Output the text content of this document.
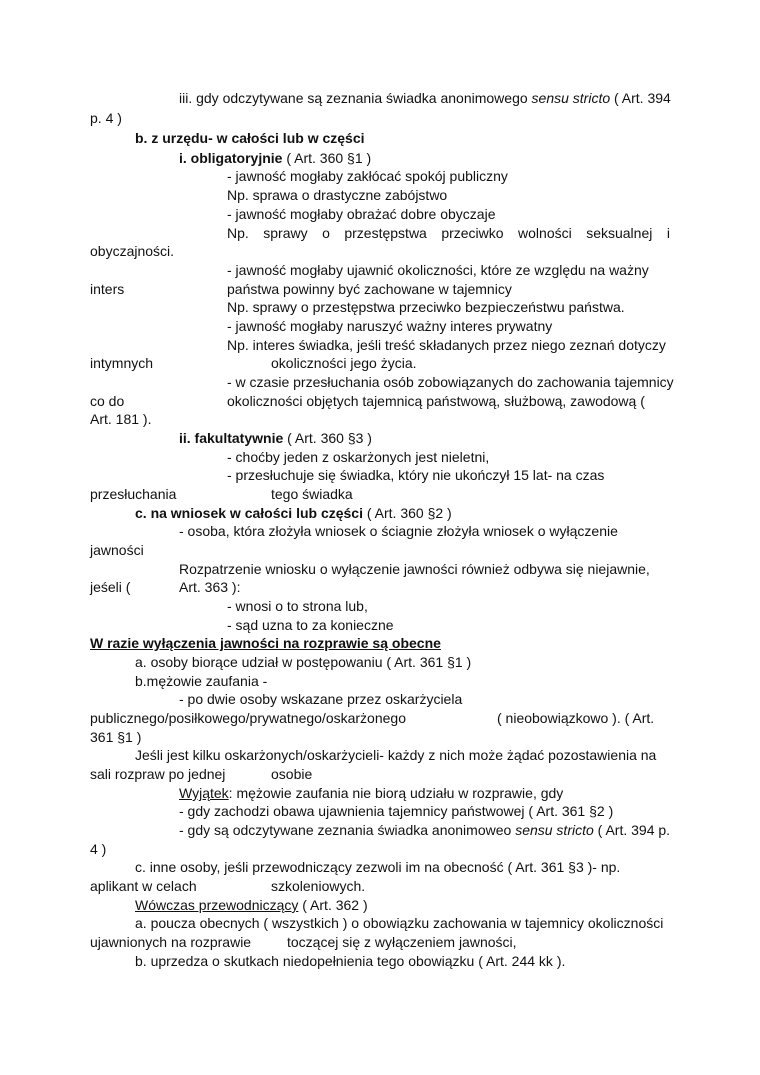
iii. gdy odczytywane są zeznania świadka anonimowego sensu stricto ( Art. 394
p. 4 )
b. z urzędu- w całości lub w części
i. obligatoryjnie ( Art. 360 §1 )
- jawność mogłaby zakłócać spokój publiczny
Np. sprawa o drastyczne zabójstwo
- jawność mogłaby obrażać dobre obyczaje
Np. sprawy o przestępstwa przeciwko wolności seksualnej i
obyczajności.
- jawność mogłaby ujawnić okoliczności, które ze względu na ważny
inters	państwa powinny być zachowane w tajemnicy
Np. sprawy o przestępstwa przeciwko bezpieczeństwu państwa.
- jawność mogłaby naruszyć ważny interes prywatny
Np. interes świadka, jeśli treść składanych przez niego zeznań dotyczy
intymnych	okoliczności jego życia.
- w czasie przesłuchania osób zobowiązanych do zachowania tajemnicy
co do	okoliczności objętych tajemnicą państwową, służbową, zawodową (
Art. 181 ).
ii. fakultatywnie ( Art. 360 §3 )
- choćby jeden z oskarżonych jest nieletni,
- przesłuchuje się świadka, który nie ukończył 15 lat- na czas
przesłuchania	tego świadka
c. na wniosek w całości lub części ( Art. 360 §2 )
- osoba, która złożyła wniosek o ściagnie złożyła wniosek o wyłączenie
jawności
Rozpatrzenie wniosku o wyłączenie jawności również odbywa się niejawnie,
jeśeli (	Art. 363 ):
- wnosi o to strona lub,
- sąd uzna to za konieczne
W razie wyłączenia jawności na rozprawie są obecne
a. osoby biorące udział w postępowaniu ( Art. 361 §1 )
b.mężowie zaufania -
- po dwie osoby wskazane przez oskarżyciela
publicznego/posiłkowego/prywatnego/oskarżonego	( nieobowiązkowo ). ( Art.
361 §1 )
Jeśli jest kilku oskarżonych/oskarżycieli- każdy z nich może żądać pozostawienia na
sali rozpraw po jednej	osobie
Wyjątek: mężowie zaufania nie biorą udziału w rozprawie, gdy
- gdy zachodzi obawa ujawnienia tajemnicy państwowej ( Art. 361 §2 )
- gdy są odczytywane zeznania świadka anonimoweo sensu stricto ( Art. 394 p.
4 )
c. inne osoby, jeśli przewodniczący zezwoli im na obecność ( Art. 361 §3 )- np.
aplikant w celach	szkoleniowych.
Wówczas przewodniczący ( Art. 362 )
a. poucza obecnych ( wszystkich ) o obowiązku zachowania w tajemnicy okoliczności
ujawnionych na rozprawie	toczącej się z wyłączeniem jawności,
b. uprzedza o skutkach niedopełnienia tego obowiązku ( Art. 244 kk ).
